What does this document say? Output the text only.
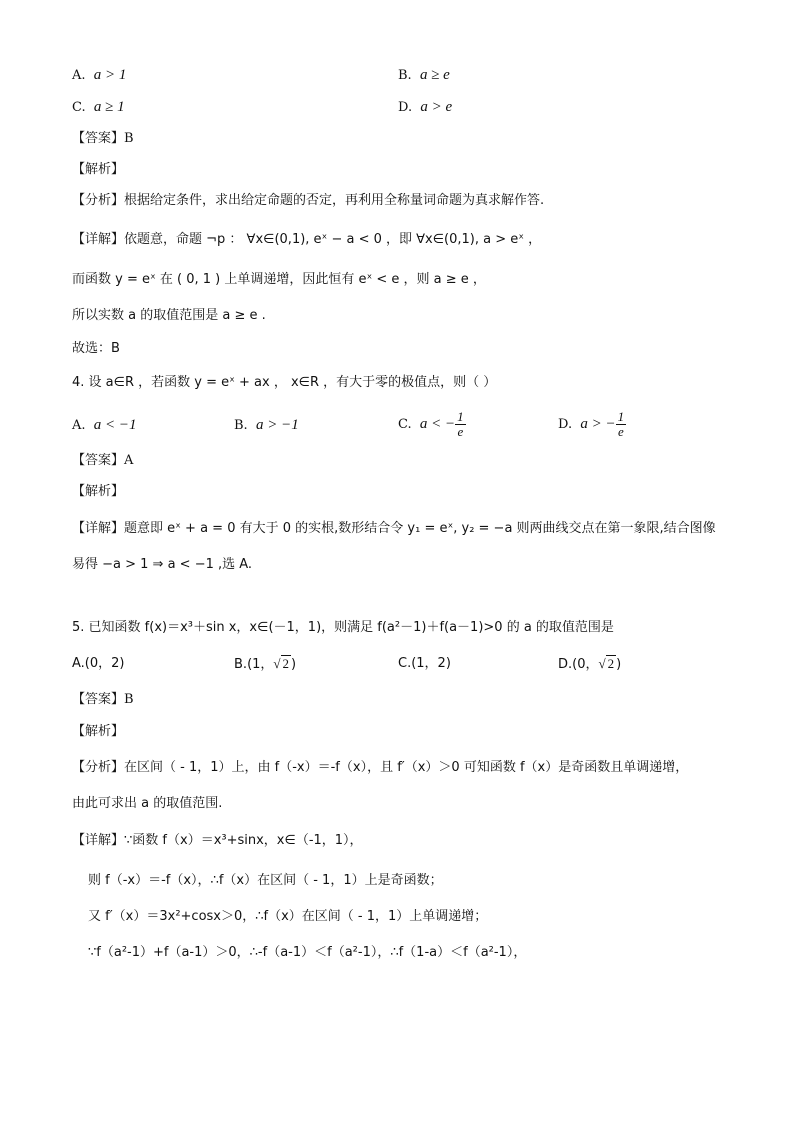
A. a > 1	B. a ≥ e
C. a ≥ 1	D. a > e
【答案】B
【解析】
【分析】根据给定条件，求出给定命题的否定，再利用全称量词命题为真求解作答.
【详解】依题意，命题 ¬p ： ∀x∈(0,1), eˣ − a < 0 ，即 ∀x∈(0,1), a > eˣ ，
而函数 y = eˣ 在 ( 0, 1 ) 上单调递增，因此恒有 eˣ < e ，则 a ≥ e ，
所以实数 a 的取值范围是 a ≥ e .
故选：B
4. 设 a∈R ，若函数 y = eˣ + ax ， x∈R ，有大于零的极值点，则（ ）
A. a < −1	B. a > −1	C. a < − $\frac{1}{e}$	D. a > − $\frac{1}{e}$
【答案】A
【解析】
【详解】题意即 eˣ + a = 0 有大于 0 的实根,数形结合令 y₁ = eˣ, y₂ = −a 则两曲线交点在第一象限,结合图像
易得 −a > 1 ⇒ a < −1 ,选 A.
5. 已知函数 f(x)＝x³＋sin x，x∈(－1，1)，则满足 f(a²－1)＋f(a－1)>0 的 a 的取值范围是
A.(0，2)	B.(1，√ 2 )	C.(1，2)	D.(0，√ 2 )
【答案】B
【解析】
【分析】在区间（ - 1，1）上，由 f（-x）＝-f（x），且 f′（x）＞0 可知函数 f（x）是奇函数且单调递增，
由此可求出 a 的取值范围.
【详解】∵函数 f（x）＝x³+sinx，x∈（-1，1），
则 f（-x）＝-f（x），∴f（x）在区间（ - 1，1）上是奇函数；
又 f′（x）＝3x²+cosx＞0，∴f（x）在区间（ - 1，1）上单调递增；
∵f（a²-1）+f（a-1）＞0，∴-f（a-1）＜f（a²-1），∴f（1-a）＜f（a²-1），
